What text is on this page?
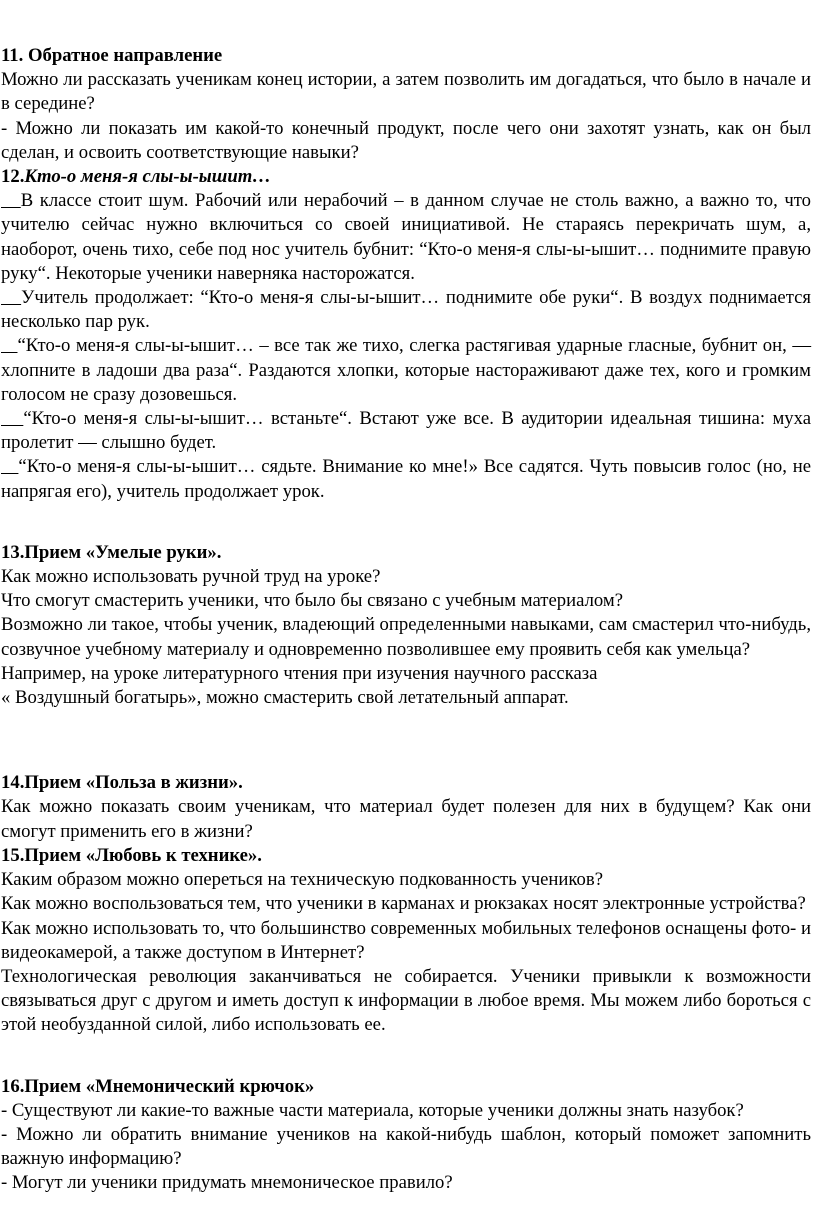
11. Обратное направление

Можно ли рассказать ученикам конец истории, а затем позволить им догадаться, что было в начале и в середине?

- Можно ли показать им какой-то конечный продукт, после чего они захотят узнать, как он был сделан, и освоить соответствующие навыки?

12.Кто-о меня-я слы-ы-ышит…

В классе стоит шум. Рабочий или нерабочий – в данном случае не столь важно, а важно то, что учителю сейчас нужно включиться со своей инициативой. Не стараясь перекричать шум, а, наоборот, очень тихо, себе под нос учитель бубнит: “Кто-о меня-я слы-ы-ышит… поднимите правую руку“. Некоторые ученики наверняка насторожатся.

Учитель продолжает: “Кто-о меня-я слы-ы-ышит… поднимите обе руки“. В воздух поднимается несколько пар рук.

“Кто-о меня-я слы-ы-ышит… – все так же тихо, слегка растягивая ударные гласные, бубнит он, — хлопните в ладоши два раза“. Раздаются хлопки, которые настораживают даже тех, кого и громким голосом не сразу дозовешься.

“Кто-о меня-я слы-ы-ышит… встаньте“. Встают уже все. В аудитории идеальная тишина: муха пролетит — слышно будет.

“Кто-о меня-я слы-ы-ышит… сядьте. Внимание ко мне!» Все садятся. Чуть повысив голос (но, не напрягая его), учитель продолжает урок.

13.Прием «Умелые руки».

Как можно использовать ручной труд на уроке?

Что смогут смастерить ученики, что было бы связано с учебным материалом?

Возможно ли такое, чтобы ученик, владеющий определенными навыками, сам смастерил что-нибудь, созвучное учебному материалу и одновременно позволившее ему проявить себя как умельца?

Например, на уроке литературного чтения при изучения научного рассказа

« Воздушный богатырь», можно смастерить свой летательный аппарат.

14.Прием «Польза в жизни».

Как можно показать своим ученикам, что материал будет полезен для них в будущем? Как они смогут применить его в жизни?

15.Прием «Любовь к технике».

Каким образом можно опереться на техническую подкованность учеников?

Как можно воспользоваться тем, что ученики в карманах и рюкзаках носят электронные устройства?

Как можно использовать то, что большинство современных мобильных телефонов оснащены фото- и видеокамерой, а также доступом в Интернет?

Технологическая революция заканчиваться не собирается. Ученики привыкли к возможности связываться друг с другом и иметь доступ к информации в любое время. Мы можем либо бороться с этой необузданной силой, либо использовать ее.

16.Прием «Мнемонический крючок»

- Существуют ли какие-то важные части материала, которые ученики должны знать назубок?

- Можно ли обратить внимание учеников на какой-нибудь шаблон, который поможет запомнить важную информацию?

- Могут ли ученики придумать мнемоническое правило?
